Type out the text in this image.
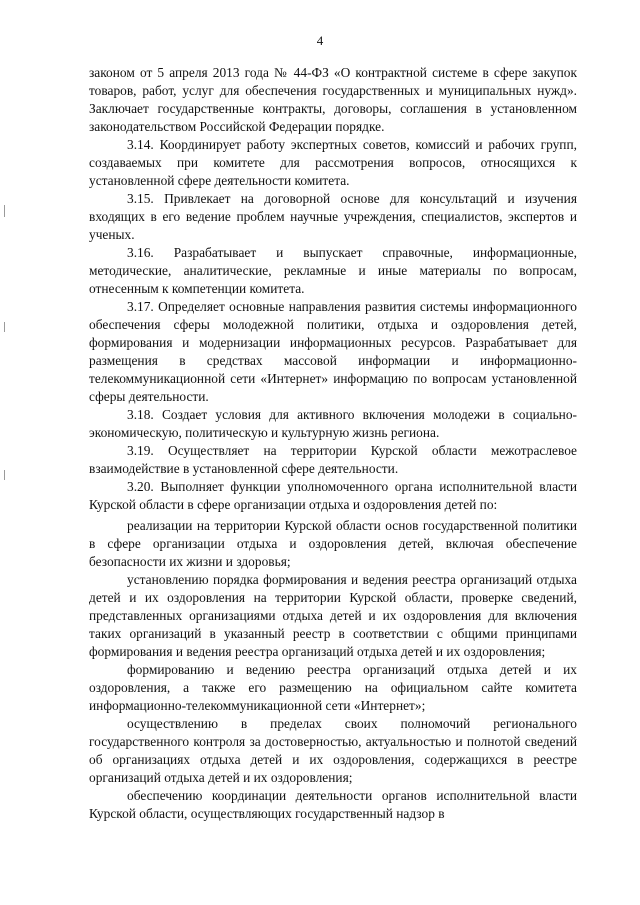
4

законом от 5 апреля 2013 года № 44-ФЗ «О контрактной системе в сфере закупок товаров, работ, услуг для обеспечения государственных и муниципальных нужд». Заключает государственные контракты, договоры, соглашения в установленном законодательством Российской Федерации порядке.

3.14. Координирует работу экспертных советов, комиссий и рабочих групп, создаваемых при комитете для рассмотрения вопросов, относящихся к установленной сфере деятельности комитета.

3.15. Привлекает на договорной основе для консультаций и изучения входящих в его ведение проблем научные учреждения, специалистов, экспертов и ученых.

3.16. Разрабатывает и выпускает справочные, информационные, методические, аналитические, рекламные и иные материалы по вопросам, отнесенным к компетенции комитета.

3.17. Определяет основные направления развития системы информационного обеспечения сферы молодежной политики, отдыха и оздоровления детей, формирования и модернизации информационных ресурсов. Разрабатывает для размещения в средствах массовой информации и информационно-телекоммуникационной сети «Интернет» информацию по вопросам установленной сферы деятельности.

3.18. Создает условия для активного включения молодежи в социально-экономическую, политическую и культурную жизнь региона.

3.19. Осуществляет на территории Курской области межотраслевое взаимодействие в установленной сфере деятельности.

3.20. Выполняет функции уполномоченного органа исполнительной власти Курской области в сфере организации отдыха и оздоровления детей по:

реализации на территории Курской области основ государственной политики в сфере организации отдыха и оздоровления детей, включая обеспечение безопасности их жизни и здоровья;

установлению порядка формирования и ведения реестра организаций отдыха детей и их оздоровления на территории Курской области, проверке сведений, представленных организациями отдыха детей и их оздоровления для включения таких организаций в указанный реестр в соответствии с общими принципами формирования и ведения реестра организаций отдыха детей и их оздоровления;

формированию и ведению реестра организаций отдыха детей и их оздоровления, а также его размещению на официальном сайте комитета информационно-телекоммуникационной сети «Интернет»;

осуществлению в пределах своих полномочий регионального государственного контроля за достоверностью, актуальностью и полнотой сведений об организациях отдыха детей и их оздоровления, содержащихся в реестре организаций отдыха детей и их оздоровления;

обеспечению координации деятельности органов исполнительной власти Курской области, осуществляющих государственный надзор в
